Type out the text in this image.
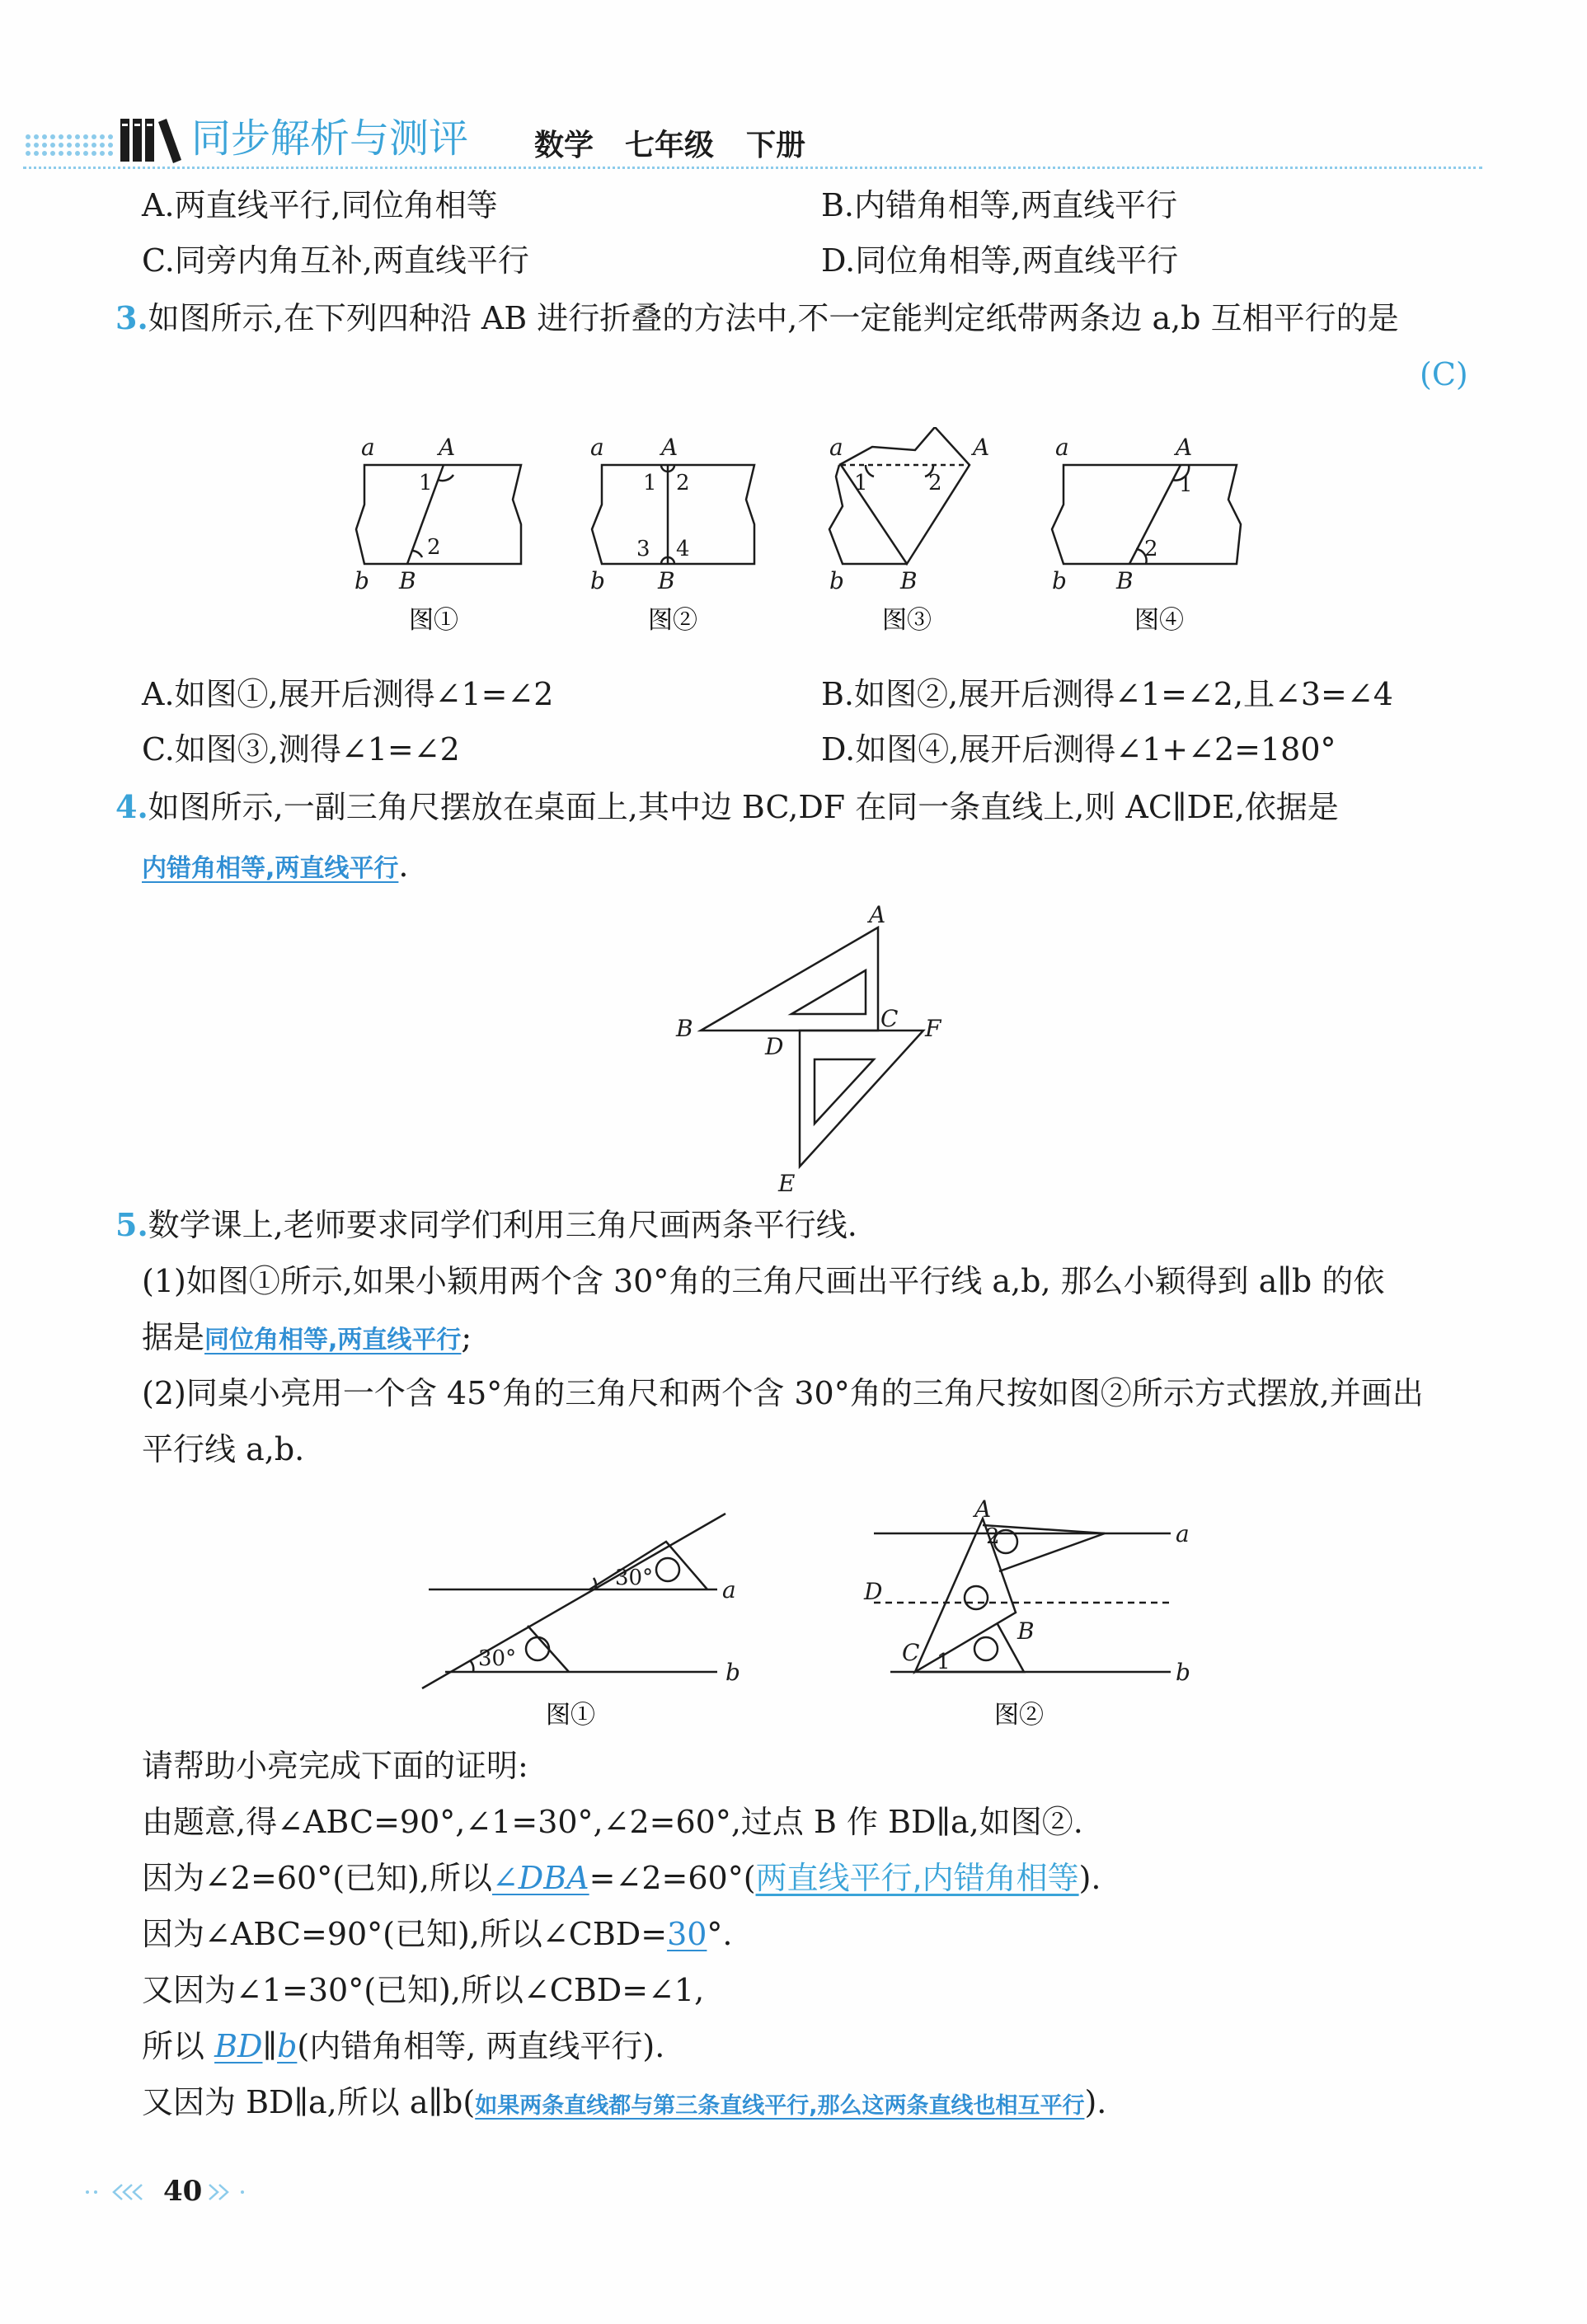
同步解析与测评 数学 七年级 下册
A.两直线平行,同位角相等	B.内错角相等,两直线平行
C.同旁内角互补,两直线平行	D.同位角相等,两直线平行
3.如图所示,在下列四种沿 AB 进行折叠的方法中,不一定能判定纸带两条边 a,b 互相平行的是
(C)
a	A
b B
a A
b B
a	A
b B
a	A
b B
1
2
1 2
3 4
1	2	1
2
图①	图②	图③	图④
A.如图①,展开后测得∠1=∠2	B.如图②,展开后测得∠1=∠2,且∠3=∠4
C.如图③,测得∠1=∠2	D.如图④,展开后测得∠1+∠2=180°
4.如图所示,一副三角尺摆放在桌面上,其中边 BC,DF 在同一条直线上,则 AC∥DE,依据是
内错角相等,两直线平行.
A
B	C
D
F
E
5.数学课上,老师要求同学们利用三角尺画两条平行线.
(1)如图①所示,如果小颖用两个含 30°角的三角尺画出平行线 a,b, 那么小颖得到 a∥b 的依
据是同位角相等,两直线平行;
(2)同桌小亮用一个含 45°角的三角尺和两个含 30°角的三角尺按如图②所示方式摆放,并画出
平行线 a,b.
a
b
a
b
A
B
C
D
30°
30°
2
1
图①	图②
请帮助小亮完成下面的证明:
由题意,得∠ABC=90°,∠1=30°,∠2=60°,过点 B 作 BD∥a,如图②.
因为∠2=60°(已知),所以∠DBA=∠2=60°(两直线平行,内错角相等).
因为∠ABC=90°(已知),所以∠CBD=30°.
又因为∠1=30°(已知),所以∠CBD=∠1,
所以 BD∥b(内错角相等, 两直线平行).
又因为 BD∥a,所以 a∥b(如果两条直线都与第三条直线平行,那么这两条直线也相互平行).
40
